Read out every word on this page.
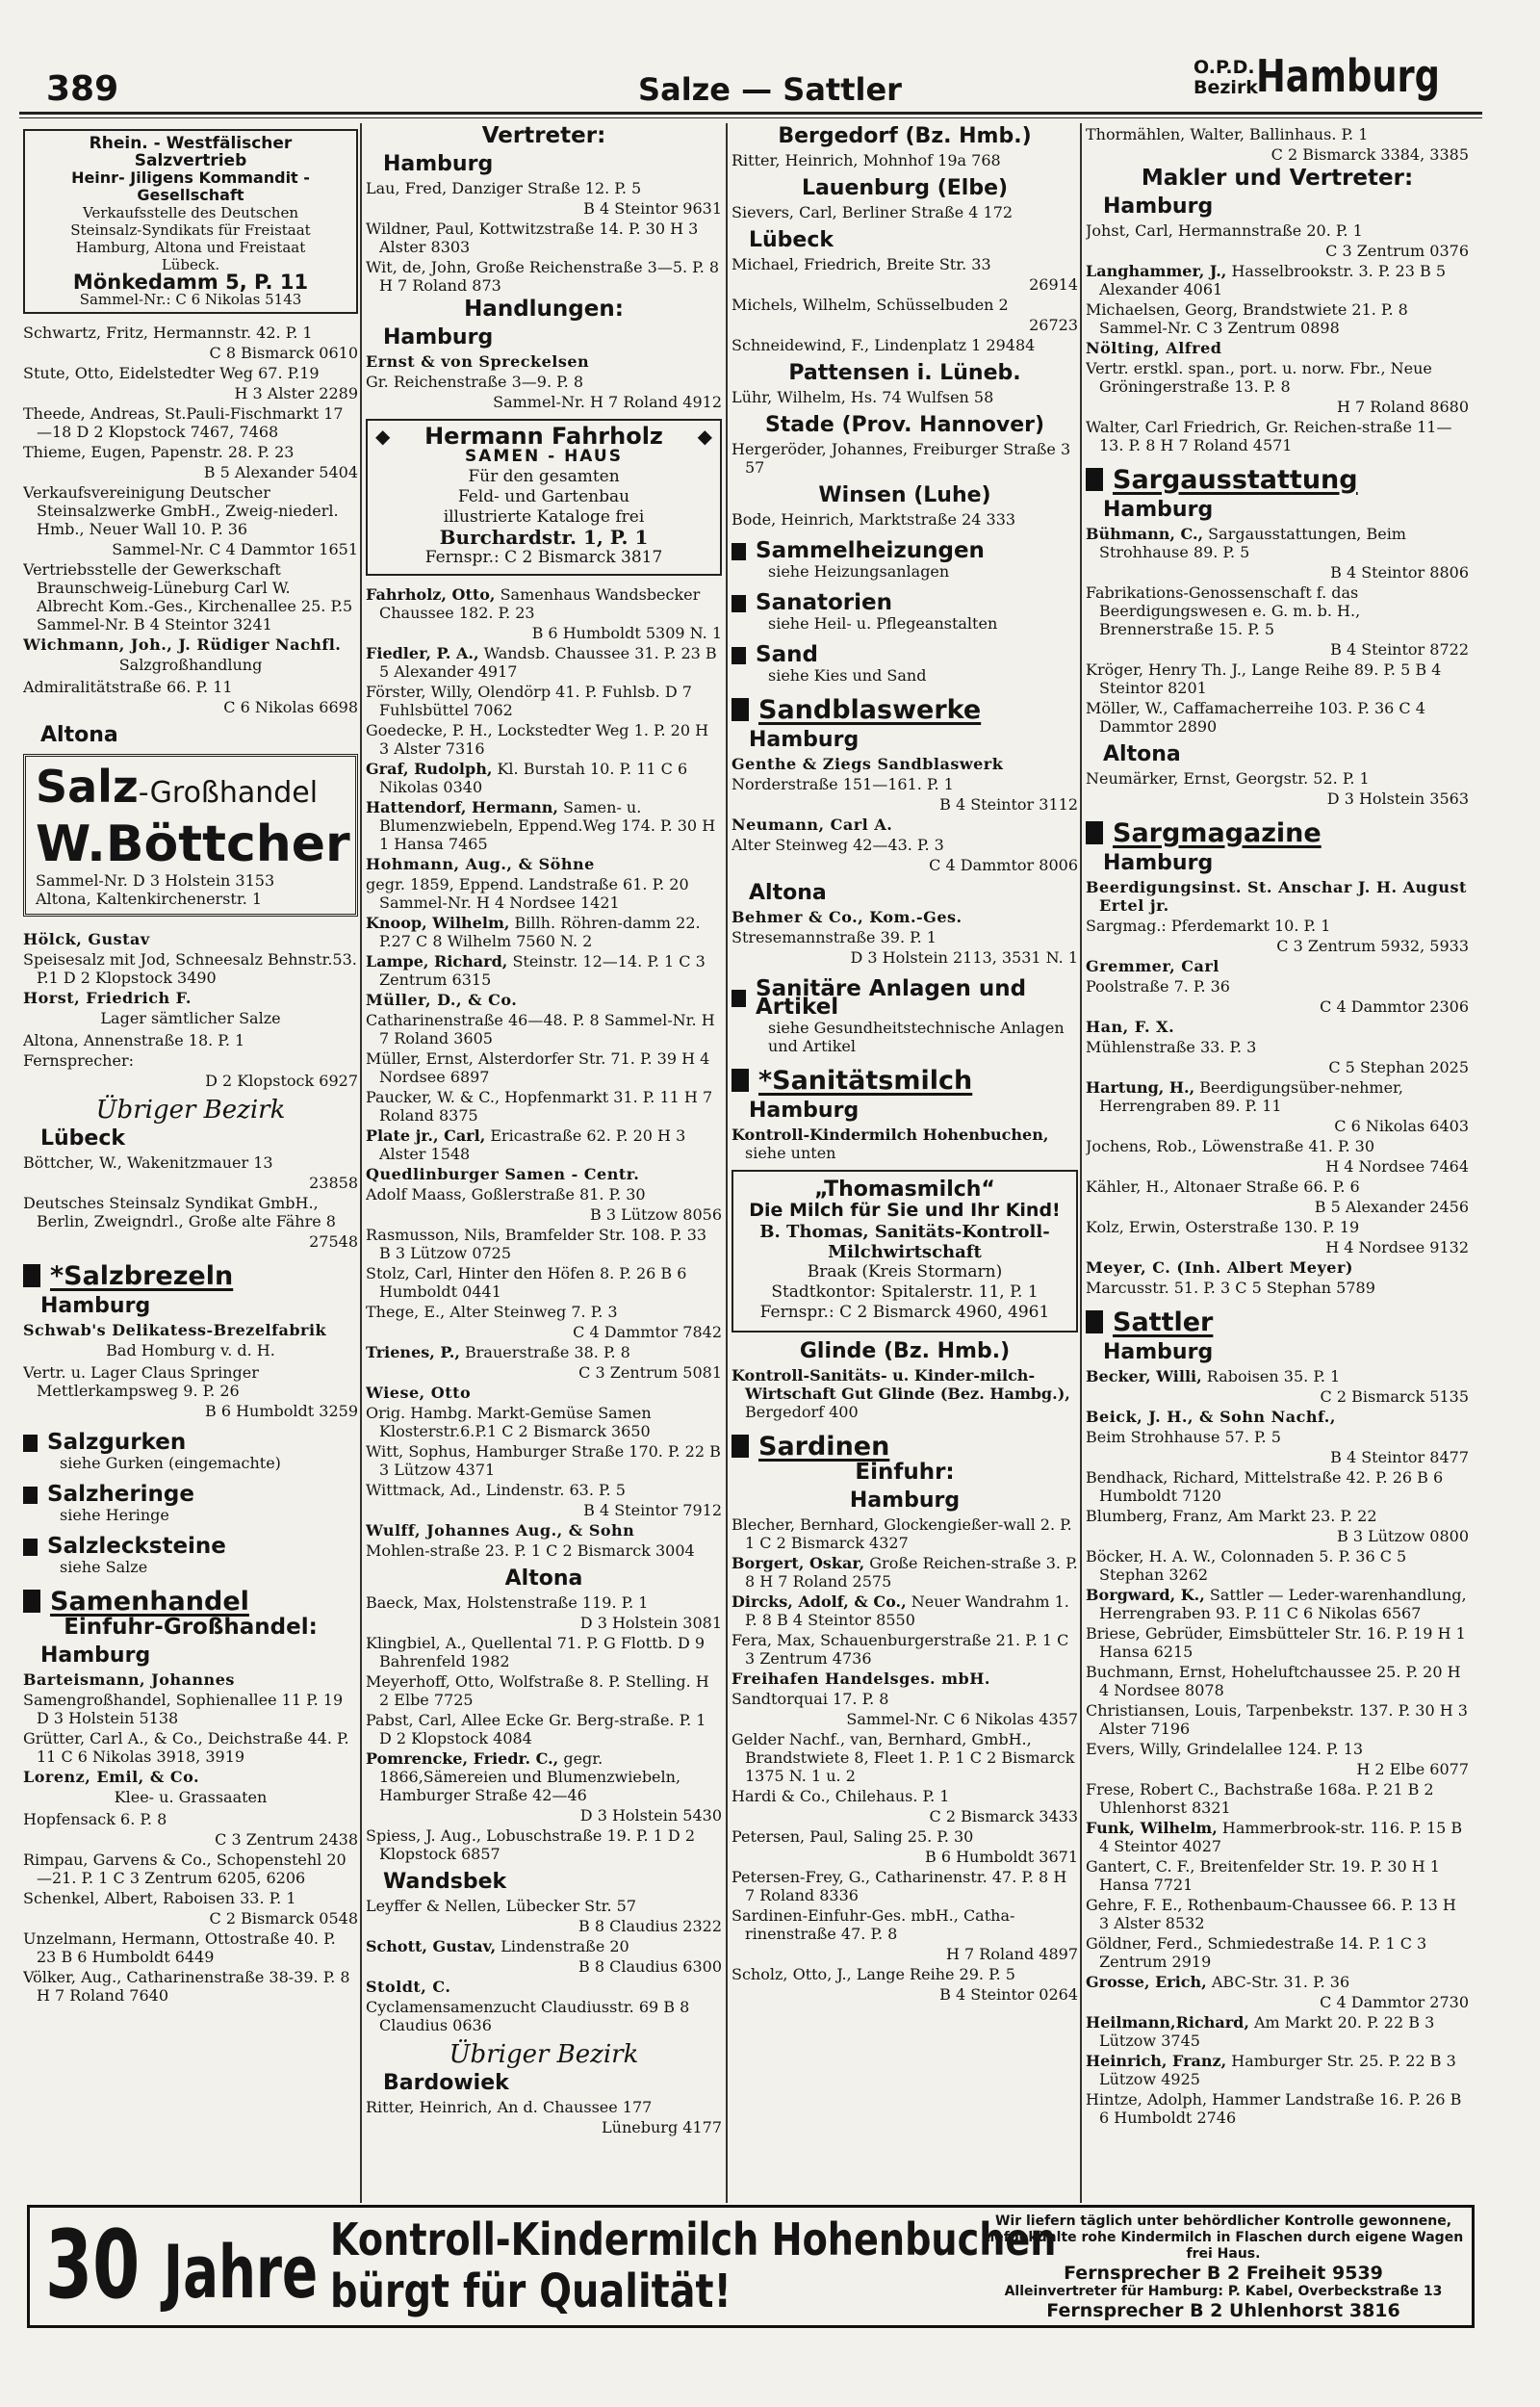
389	Salze — Sattler
O.P.D.
Bezirk
Hamburg
Rhein. - Westfälischer Salzvertrieb
Heinr- Jiligens Kommandit - Gesellschaft
Verkaufsstelle des Deutschen
Steinsalz-Syndikats für Freistaat
Hamburg, Altona und Freistaat
Lübeck.
Mönkedamm 5, P. 11
Sammel-Nr.: C 6 Nikolas 5143
Schwartz, Fritz, Hermannstr. 42. P. 1
C 8 Bismarck 0610
Stute, Otto, Eidelstedter Weg 67. P.19
H 3 Alster 2289
Theede, Andreas, St.Pauli-Fischmarkt 17—18 D 2 Klopstock 7467, 7468
Thieme, Eugen, Papenstr. 28. P. 23
B 5 Alexander 5404
Verkaufsvereinigung Deutscher Steinsalzwerke GmbH., Zweig-niederl. Hmb., Neuer Wall 10. P. 36
Sammel-Nr. C 4 Dammtor 1651
Vertriebsstelle der Gewerkschaft Braunschweig-Lüneburg Carl W. Albrecht Kom.-Ges., Kirchenallee 25. P.5 Sammel-Nr. B 4 Steintor 3241
Wichmann, Joh., J. Rüdiger Nachfl.
Salzgroßhandlung
Admiralitätstraße 66. P. 11
C 6 Nikolas 6698
Altona
Salz-Großhandel
W.Böttcher
Sammel-Nr. D 3 Holstein 3153
Altona, Kaltenkirchenerstr. 1
Hölck, Gustav
Speisesalz mit Jod, Schneesalz Behnstr.53. P.1 D 2 Klopstock 3490
Horst, Friedrich F.
Lager sämtlicher Salze
Altona, Annenstraße 18. P. 1
Fernsprecher:
D 2 Klopstock 6927
Übriger Bezirk
Lübeck
Böttcher, W., Wakenitzmauer 13
23858
Deutsches Steinsalz Syndikat GmbH., Berlin, Zweigndrl., Große alte Fähre 8
27548
*Salzbrezeln
Hamburg
Schwab's Delikatess-Brezelfabrik
Bad Homburg v. d. H.
Vertr. u. Lager Claus Springer Mettlerkampsweg 9. P. 26
B 6 Humboldt 3259
Salzgurken
siehe Gurken (eingemachte)
Salzheringe
siehe Heringe
Salzlecksteine
siehe Salze
Samenhandel
Einfuhr-Großhandel:
Hamburg
Barteismann, Johannes
Samengroßhandel, Sophienallee 11 P. 19 D 3 Holstein 5138
Grütter, Carl A., & Co., Deichstraße 44. P. 11 C 6 Nikolas 3918, 3919
Lorenz, Emil, & Co.
Klee- u. Grassaaten
Hopfensack 6. P. 8
C 3 Zentrum 2438
Rimpau, Garvens & Co., Schopenstehl 20—21. P. 1 C 3 Zentrum 6205, 6206
Schenkel, Albert, Raboisen 33. P. 1
C 2 Bismarck 0548
Unzelmann, Hermann, Ottostraße 40. P. 23 B 6 Humboldt 6449
Völker, Aug., Catharinenstraße 38-39. P. 8 H 7 Roland 7640
Vertreter:
Hamburg
Lau, Fred, Danziger Straße 12. P. 5
B 4 Steintor 9631
Wildner, Paul, Kottwitzstraße 14. P. 30 H 3 Alster 8303
Wit, de, John, Große Reichenstraße 3—5. P. 8 H 7 Roland 873
Handlungen:
Hamburg
Ernst & von Spreckelsen
Gr. Reichenstraße 3—9. P. 8
Sammel-Nr. H 7 Roland 4912
◆	◆
Hermann Fahrholz
SAMEN - HAUS
Für den gesamten
Feld- und Gartenbau
illustrierte Kataloge frei
Burchardstr. 1, P. 1
Fernspr.: C 2 Bismarck 3817
Fahrholz, Otto, Samenhaus Wandsbecker Chaussee 182. P. 23
B 6 Humboldt 5309 N. 1
Fiedler, P. A., Wandsb. Chaussee 31. P. 23 B 5 Alexander 4917
Förster, Willy, Olendörp 41. P. Fuhlsb. D 7 Fuhlsbüttel 7062
Goedecke, P. H., Lockstedter Weg 1. P. 20 H 3 Alster 7316
Graf, Rudolph, Kl. Burstah 10. P. 11 C 6 Nikolas 0340
Hattendorf, Hermann, Samen- u. Blumenzwiebeln, Eppend.Weg 174. P. 30 H 1 Hansa 7465
Hohmann, Aug., & Söhne
gegr. 1859, Eppend. Landstraße 61. P. 20 Sammel-Nr. H 4 Nordsee 1421
Knoop, Wilhelm, Billh. Röhren-damm 22. P.27 C 8 Wilhelm 7560 N. 2
Lampe, Richard, Steinstr. 12—14. P. 1 C 3 Zentrum 6315
Müller, D., & Co.
Catharinenstraße 46—48. P. 8 Sammel-Nr. H 7 Roland 3605
Müller, Ernst, Alsterdorfer Str. 71. P. 39 H 4 Nordsee 6897
Paucker, W. & C., Hopfenmarkt 31. P. 11 H 7 Roland 8375
Plate jr., Carl, Ericastraße 62. P. 20 H 3 Alster 1548
Quedlinburger Samen - Centr.
Adolf Maass, Goßlerstraße 81. P. 30
B 3 Lützow 8056
Rasmusson, Nils, Bramfelder Str. 108. P. 33 B 3 Lützow 0725
Stolz, Carl, Hinter den Höfen 8. P. 26 B 6 Humboldt 0441
Thege, E., Alter Steinweg 7. P. 3
C 4 Dammtor 7842
Trienes, P., Brauerstraße 38. P. 8
C 3 Zentrum 5081
Wiese, Otto
Orig. Hambg. Markt-Gemüse Samen Klosterstr.6.P.1 C 2 Bismarck 3650
Witt, Sophus, Hamburger Straße 170. P. 22 B 3 Lützow 4371
Wittmack, Ad., Lindenstr. 63. P. 5
B 4 Steintor 7912
Wulff, Johannes Aug., & Sohn
Mohlen-straße 23. P. 1 C 2 Bismarck 3004
Altona
Baeck, Max, Holstenstraße 119. P. 1
D 3 Holstein 3081
Klingbiel, A., Quellental 71. P. G Flottb. D 9 Bahrenfeld 1982
Meyerhoff, Otto, Wolfstraße 8. P. Stelling. H 2 Elbe 7725
Pabst, Carl, Allee Ecke Gr. Berg-straße. P. 1 D 2 Klopstock 4084
Pomrencke, Friedr. C., gegr. 1866,Sämereien und Blumenzwiebeln, Hamburger Straße 42—46
D 3 Holstein 5430
Spiess, J. Aug., Lobuschstraße 19. P. 1 D 2 Klopstock 6857
Wandsbek
Leyffer & Nellen, Lübecker Str. 57
B 8 Claudius 2322
Schott, Gustav, Lindenstraße 20
B 8 Claudius 6300
Stoldt, C.
Cyclamensamenzucht Claudiusstr. 69 B 8 Claudius 0636
Übriger Bezirk
Bardowiek
Ritter, Heinrich, An d. Chaussee 177
Lüneburg 4177
Bergedorf (Bz. Hmb.)
Ritter, Heinrich, Mohnhof 19a 768
Lauenburg (Elbe)
Sievers, Carl, Berliner Straße 4 172
Lübeck
Michael, Friedrich, Breite Str. 33
26914
Michels, Wilhelm, Schüsselbuden 2
26723
Schneidewind, F., Lindenplatz 1 29484
Pattensen i. Lüneb.
Lühr, Wilhelm, Hs. 74 Wulfsen 58
Stade (Prov. Hannover)
Hergeröder, Johannes, Freiburger Straße 3 57
Winsen (Luhe)
Bode, Heinrich, Marktstraße 24 333
Sammelheizungen
siehe Heizungsanlagen
Sanatorien
siehe Heil- u. Pflegeanstalten
Sand
siehe Kies und Sand
Sandblaswerke
Hamburg
Genthe & Ziegs Sandblaswerk
Norderstraße 151—161. P. 1
B 4 Steintor 3112
Neumann, Carl A.
Alter Steinweg 42—43. P. 3
C 4 Dammtor 8006
Altona
Behmer & Co., Kom.-Ges.
Stresemannstraße 39. P. 1
D 3 Holstein 2113, 3531 N. 1
Sanitäre Anlagen und Artikel
siehe Gesundheitstechnische Anlagen und Artikel
*Sanitätsmilch
Hamburg
Kontroll-Kindermilch Hohenbuchen, siehe unten
„Thomasmilch“
Die Milch für Sie und Ihr Kind!
B. Thomas, Sanitäts-Kontroll-Milchwirtschaft
Braak (Kreis Stormarn)
Stadtkontor: Spitalerstr. 11, P. 1
Fernspr.: C 2 Bismarck 4960, 4961
Glinde (Bz. Hmb.)
Kontroll-Sanitäts- u. Kinder-milch-Wirtschaft Gut Glinde (Bez. Hambg.), Bergedorf 400
Sardinen
Einfuhr:
Hamburg
Blecher, Bernhard, Glockengießer-wall 2. P. 1 C 2 Bismarck 4327
Borgert, Oskar, Große Reichen-straße 3. P. 8 H 7 Roland 2575
Dircks, Adolf, & Co., Neuer Wandrahm 1. P. 8 B 4 Steintor 8550
Fera, Max, Schauenburgerstraße 21. P. 1 C 3 Zentrum 4736
Freihafen Handelsges. mbH.
Sandtorquai 17. P. 8
Sammel-Nr. C 6 Nikolas 4357
Gelder Nachf., van, Bernhard, GmbH., Brandstwiete 8, Fleet 1. P. 1 C 2 Bismarck 1375 N. 1 u. 2
Hardi & Co., Chilehaus. P. 1
C 2 Bismarck 3433
Petersen, Paul, Saling 25. P. 30
B 6 Humboldt 3671
Petersen-Frey, G., Catharinenstr. 47. P. 8 H 7 Roland 8336
Sardinen-Einfuhr-Ges. mbH., Catha-rinenstraße 47. P. 8
H 7 Roland 4897
Scholz, Otto, J., Lange Reihe 29. P. 5
B 4 Steintor 0264
Thormählen, Walter, Ballinhaus. P. 1
C 2 Bismarck 3384, 3385
Makler und Vertreter:
Hamburg
Johst, Carl, Hermannstraße 20. P. 1
C 3 Zentrum 0376
Langhammer, J., Hasselbrookstr. 3. P. 23 B 5 Alexander 4061
Michaelsen, Georg, Brandstwiete 21. P. 8 Sammel-Nr. C 3 Zentrum 0898
Nölting, Alfred
Vertr. erstkl. span., port. u. norw. Fbr., Neue Gröningerstraße 13. P. 8
H 7 Roland 8680
Walter, Carl Friedrich, Gr. Reichen-straße 11—13. P. 8 H 7 Roland 4571
Sargausstattung
Hamburg
Bühmann, C., Sargausstattungen, Beim Strohhause 89. P. 5
B 4 Steintor 8806
Fabrikations-Genossenschaft f. das Beerdigungswesen e. G. m. b. H., Brennerstraße 15. P. 5
B 4 Steintor 8722
Kröger, Henry Th. J., Lange Reihe 89. P. 5 B 4 Steintor 8201
Möller, W., Caffamacherreihe 103. P. 36 C 4 Dammtor 2890
Altona
Neumärker, Ernst, Georgstr. 52. P. 1
D 3 Holstein 3563
Sargmagazine
Hamburg
Beerdigungsinst. St. Anschar J. H. August Ertel jr.
Sargmag.: Pferdemarkt 10. P. 1
C 3 Zentrum 5932, 5933
Gremmer, Carl
Poolstraße 7. P. 36
C 4 Dammtor 2306
Han, F. X.
Mühlenstraße 33. P. 3
C 5 Stephan 2025
Hartung, H., Beerdigungsüber-nehmer, Herrengraben 89. P. 11
C 6 Nikolas 6403
Jochens, Rob., Löwenstraße 41. P. 30
H 4 Nordsee 7464
Kähler, H., Altonaer Straße 66. P. 6
B 5 Alexander 2456
Kolz, Erwin, Osterstraße 130. P. 19
H 4 Nordsee 9132
Meyer, C. (Inh. Albert Meyer)
Marcusstr. 51. P. 3 C 5 Stephan 5789
Sattler
Hamburg
Becker, Willi, Raboisen 35. P. 1
C 2 Bismarck 5135
Beick, J. H., & Sohn Nachf.,
Beim Strohhause 57. P. 5
B 4 Steintor 8477
Bendhack, Richard, Mittelstraße 42. P. 26 B 6 Humboldt 7120
Blumberg, Franz, Am Markt 23. P. 22
B 3 Lützow 0800
Böcker, H. A. W., Colonnaden 5. P. 36 C 5 Stephan 3262
Borgward, K., Sattler — Leder-warenhandlung, Herrengraben 93. P. 11 C 6 Nikolas 6567
Briese, Gebrüder, Eimsbütteler Str. 16. P. 19 H 1 Hansa 6215
Buchmann, Ernst, Hoheluftchaussee 25. P. 20 H 4 Nordsee 8078
Christiansen, Louis, Tarpenbekstr. 137. P. 30 H 3 Alster 7196
Evers, Willy, Grindelallee 124. P. 13
H 2 Elbe 6077
Frese, Robert C., Bachstraße 168a. P. 21 B 2 Uhlenhorst 8321
Funk, Wilhelm, Hammerbrook-str. 116. P. 15 B 4 Steintor 4027
Gantert, C. F., Breitenfelder Str. 19. P. 30 H 1 Hansa 7721
Gehre, F. E., Rothenbaum-Chaussee 66. P. 13 H 3 Alster 8532
Göldner, Ferd., Schmiedestraße 14. P. 1 C 3 Zentrum 2919
Grosse, Erich, ABC-Str. 31. P. 36
C 4 Dammtor 2730
Heilmann,Richard, Am Markt 20. P. 22 B 3 Lützow 3745
Heinrich, Franz, Hamburger Str. 25. P. 22 B 3 Lützow 4925
Hintze, Adolph, Hammer Landstraße 16. P. 26 B 6 Humboldt 2746
30 Jahre Kontroll-Kindermilch Hohenbuchen
bürgt für Qualität!
Wir liefern täglich unter behördlicher Kontrolle gewonnene, tiefgekühlte rohe Kindermilch in Flaschen durch eigene Wagen frei Haus.
Fernsprecher B 2 Freiheit 9539
Alleinvertreter für Hamburg: P. Kabel, Overbeckstraße 13
Fernsprecher B 2 Uhlenhorst 3816
